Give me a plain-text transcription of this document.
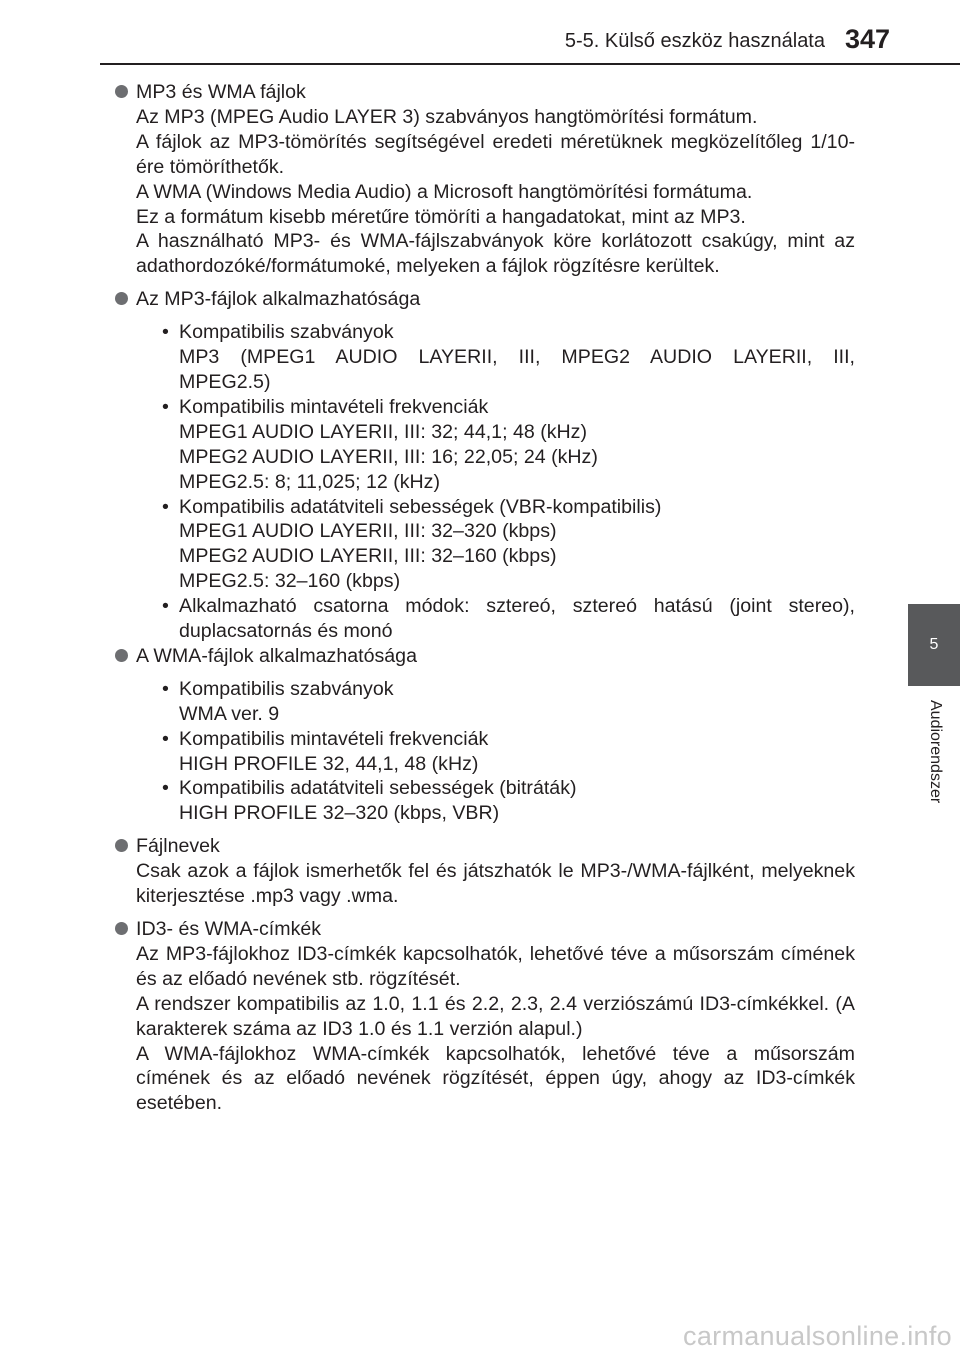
5-5. Külső eszköz használata 347
5
Audiorendszer

MP3 és WMA fájlok

Az MP3 (MPEG Audio LAYER 3) szabványos hangtömörítési formátum.

A fájlok az MP3-tömörítés segítségével eredeti méretüknek megközelítőleg 1/10-ére tömöríthetők.

A WMA (Windows Media Audio) a Microsoft hangtömörítési formátuma.

Ez a formátum kisebb méretűre tömöríti a hangadatokat, mint az MP3.

A használható MP3- és WMA-fájlszabványok köre korlátozott csakúgy, mint az adathordozóké/formátumoké, melyeken a fájlok rögzítésre kerültek.

Az MP3-fájlok alkalmazhatósága

• Kompatibilis szabványok

MP3 (MPEG1 AUDIO LAYERII, III, MPEG2 AUDIO LAYERII, III,

MPEG2.5)

• Kompatibilis mintavételi frekvenciák

MPEG1 AUDIO LAYERII, III: 32; 44,1; 48 (kHz)

MPEG2 AUDIO LAYERII, III: 16; 22,05; 24 (kHz)

MPEG2.5: 8; 11,025; 12 (kHz)

• Kompatibilis adatátviteli sebességek (VBR-kompatibilis)

MPEG1 AUDIO LAYERII, III: 32–320 (kbps)

MPEG2 AUDIO LAYERII, III: 32–160 (kbps)

MPEG2.5: 32–160 (kbps)

• Alkalmazható csatorna módok: sztereó, sztereó hatású (joint stereo), duplacsatornás és monó

A WMA-fájlok alkalmazhatósága

• Kompatibilis szabványok

WMA ver. 9

• Kompatibilis mintavételi frekvenciák

HIGH PROFILE 32, 44,1, 48 (kHz)

• Kompatibilis adatátviteli sebességek (bitráták)

HIGH PROFILE 32–320 (kbps, VBR)

Fájlnevek

Csak azok a fájlok ismerhetők fel és játszhatók le MP3-/WMA-fájlként, melyeknek kiterjesztése .mp3 vagy .wma.

ID3- és WMA-címkék

Az MP3-fájlokhoz ID3-címkék kapcsolhatók, lehetővé téve a műsorszám címének és az előadó nevének stb. rögzítését.

A rendszer kompatibilis az 1.0, 1.1 és 2.2, 2.3, 2.4 verziószámú ID3-címkékkel. (A karakterek száma az ID3 1.0 és 1.1 verzión alapul.)

A WMA-fájlokhoz WMA-címkék kapcsolhatók, lehetővé téve a műsorszám címének és az előadó nevének rögzítését, éppen úgy, ahogy az ID3-címkék esetében.

carmanualsonline.info
